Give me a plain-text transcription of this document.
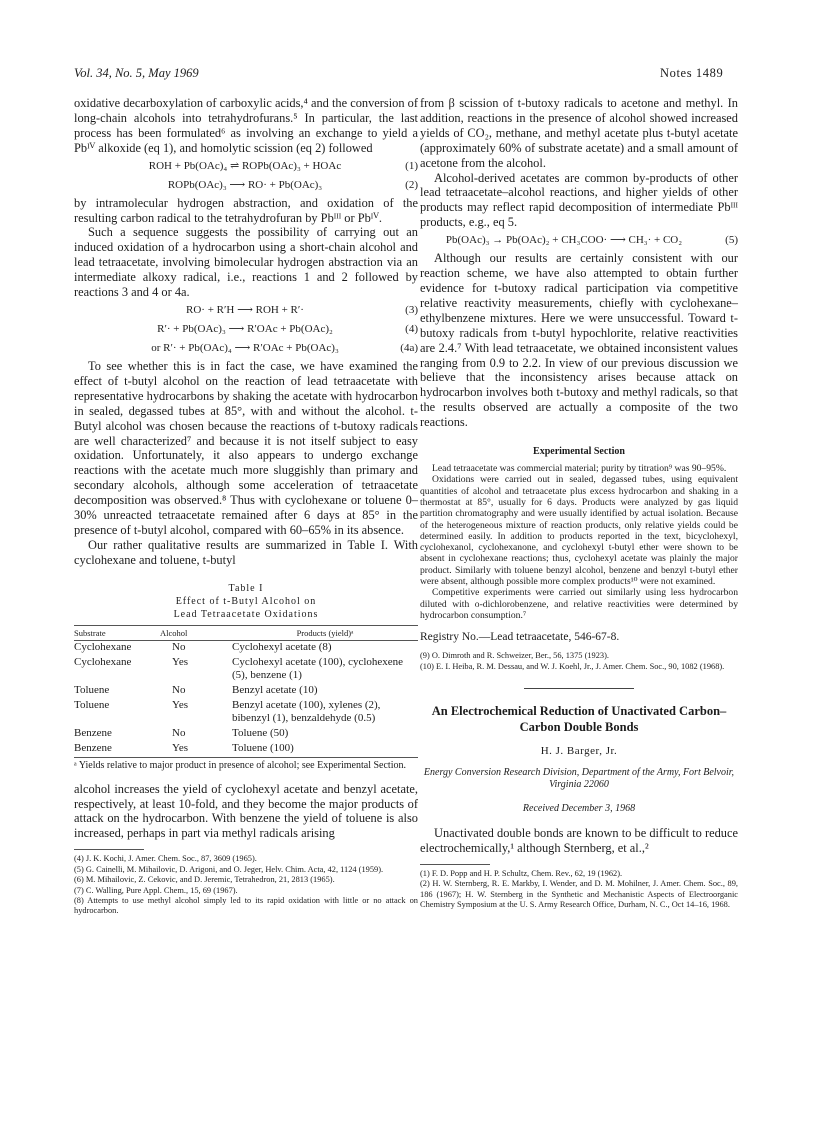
Vol. 34, No. 5, May 1969	Notes 1489

oxidative decarboxylation of carboxylic acids,⁴ and the conversion of long-chain alcohols into tetrahydrofurans.⁵ In particular, the last process has been formulated⁶ as involving an exchange to yield a Pbᴵⱽ alkoxide (eq 1), and homolytic scission (eq 2) followed

ROH + Pb(OAc)₄ ⇌ ROPb(OAc)₃ + HOAc	(1)
ROPb(OAc)₃ ⟶ RO· + Pb(OAc)₃	(2)

by intramolecular hydrogen abstraction, and oxidation of the resulting carbon radical to the tetrahydrofuran by Pbᴵᴵᴵ or Pbᴵⱽ.

Such a sequence suggests the possibility of carrying out an induced oxidation of a hydrocarbon using a short-chain alcohol and lead tetraacetate, involving bimolecular hydrogen abstraction via an intermediate alkoxy radical, i.e., reactions 1 and 2 followed by reactions 3 and 4 or 4a.

RO· + R′H ⟶ ROH + R′·	(3)
R′· + Pb(OAc)₃ ⟶ R′OAc + Pb(OAc)₂	(4)
or R′· + Pb(OAc)₄ ⟶ R′OAc + Pb(OAc)₃	(4a)

To see whether this is in fact the case, we have examined the effect of t-butyl alcohol on the reaction of lead tetraacetate with representative hydrocarbons by shaking the acetate with hydrocarbon in sealed, degassed tubes at 85°, with and without the alcohol. t-Butyl alcohol was chosen because the reactions of t-butoxy radicals are well characterized⁷ and because it is not itself subject to easy oxidation. Unfortunately, it also appears to undergo exchange reactions with the acetate much more sluggishly than primary and secondary alcohols, although some acceleration of tetraacetate decomposition was observed.⁸ Thus with cyclohexane or toluene 0–30% unreacted tetraacetate remained after 6 days at 85° in the presence of t-butyl alcohol, compared with 60–65% in its absence.

Our rather qualitative results are summarized in Table I. With cyclohexane and toluene, t-butyl

Table I
Effect of t-Butyl Alcohol on
Lead Tetraacetate Oxidations
Substrate	Alcohol	Products (yield)ᵃ
Cyclohexane	No	Cyclohexyl acetate (8)
Cyclohexane	Yes	Cyclohexyl acetate (100), cyclohexene (5), benzene (1)
Toluene	No	Benzyl acetate (10)
Toluene	Yes	Benzyl acetate (100), xylenes (2), bibenzyl (1), benzaldehyde (0.5)
Benzene	No	Toluene (50)
Benzene	Yes	Toluene (100)
ᵃ Yields relative to major product in presence of alcohol; see Experimental Section.

alcohol increases the yield of cyclohexyl acetate and benzyl acetate, respectively, at least 10-fold, and they become the major products of attack on the hydrocarbon. With benzene the yield of toluene is also increased, perhaps in part via methyl radicals arising

(4) J. K. Kochi, J. Amer. Chem. Soc., 87, 3609 (1965).

(5) G. Cainelli, M. Mihailovic, D. Arigoni, and O. Jeger, Helv. Chim. Acta, 42, 1124 (1959).

(6) M. Mihailovic, Z. Cekovic, and D. Jeremic, Tetrahedron, 21, 2813 (1965).

(7) C. Walling, Pure Appl. Chem., 15, 69 (1967).

(8) Attempts to use methyl alcohol simply led to its rapid oxidation with little or no attack on hydrocarbon.

from β scission of t-butoxy radicals to acetone and methyl. In addition, reactions in the presence of alcohol showed increased yields of CO₂, methane, and methyl acetate plus t-butyl acetate (approximately 60% of substrate acetate) and a small amount of acetone from the alcohol.

Alcohol-derived acetates are common by-products of other lead tetraacetate–alcohol reactions, and higher yields of other products may reflect rapid decomposition of intermediate Pbᴵᴵᴵ products, e.g., eq 5.

Pb(OAc)₃ → Pb(OAc)₂ + CH₃COO· ⟶ CH₃· + CO₂	(5)

Although our results are certainly consistent with our reaction scheme, we have also attempted to obtain further evidence for t-butoxy radical participation via competitive relative reactivity measurements, chiefly with cyclohexane–ethylbenzene mixtures. Here we were unsuccessful. Toward t-butoxy radicals from t-butyl hypochlorite, relative reactivities are 2.4.⁷ With lead tetraacetate, we obtained inconsistent values ranging from 0.9 to 2.2. In view of our previous discussion we believe that the inconsistency arises because attack on hydrocarbon involves both t-butoxy and methyl radicals, so that the results observed are actually a composite of the two reactions.

Experimental Section

Lead tetraacetate was commercial material; purity by titration⁹ was 90–95%.

Oxidations were carried out in sealed, degassed tubes, using equivalent quantities of alcohol and tetraacetate plus excess hydrocarbon and shaking in a thermostat at 85°, usually for 6 days. Products were analyzed by gas liquid partition chromatography and were usually identified by actual isolation. Because of the heterogeneous mixture of reaction products, only relative yields could be determined easily. In addition to products reported in the text, bicyclohexyl, cyclohexanol, cyclohexanone, and cyclohexyl t-butyl ether were shown to be absent in cyclohexane reactions; thus, cyclohexyl acetate was plainly the major product. Similarly with toluene benzyl alcohol, benzene and benzyl t-butyl ether were absent, although possible more complex products¹⁰ were not examined.

Competitive experiments were carried out similarly using less hydrocarbon diluted with o-dichlorobenzene, and relative reactivities were determined by hydrocarbon consumption.⁷

Registry No.—Lead tetraacetate, 546-67-8.

(9) O. Dimroth and R. Schweizer, Ber., 56, 1375 (1923).

(10) E. I. Heiba, R. M. Dessau, and W. J. Koehl, Jr., J. Amer. Chem. Soc., 90, 1082 (1968).

An Electrochemical Reduction of Unactivated Carbon–Carbon Double Bonds
H. J. Barger, Jr.
Energy Conversion Research Division, Department of the Army, Fort Belvoir, Virginia 22060
Received December 3, 1968

Unactivated double bonds are known to be difficult to reduce electrochemically,¹ although Sternberg, et al.,²

(1) F. D. Popp and H. P. Schultz, Chem. Rev., 62, 19 (1962).

(2) H. W. Sternberg, R. E. Markby, I. Wender, and D. M. Mohilner, J. Amer. Chem. Soc., 89, 186 (1967); H. W. Sternberg in the Synthetic and Mechanistic Aspects of Electroorganic Chemistry Symposium at the U. S. Army Research Office, Durham, N. C., Oct 14–16, 1968.
